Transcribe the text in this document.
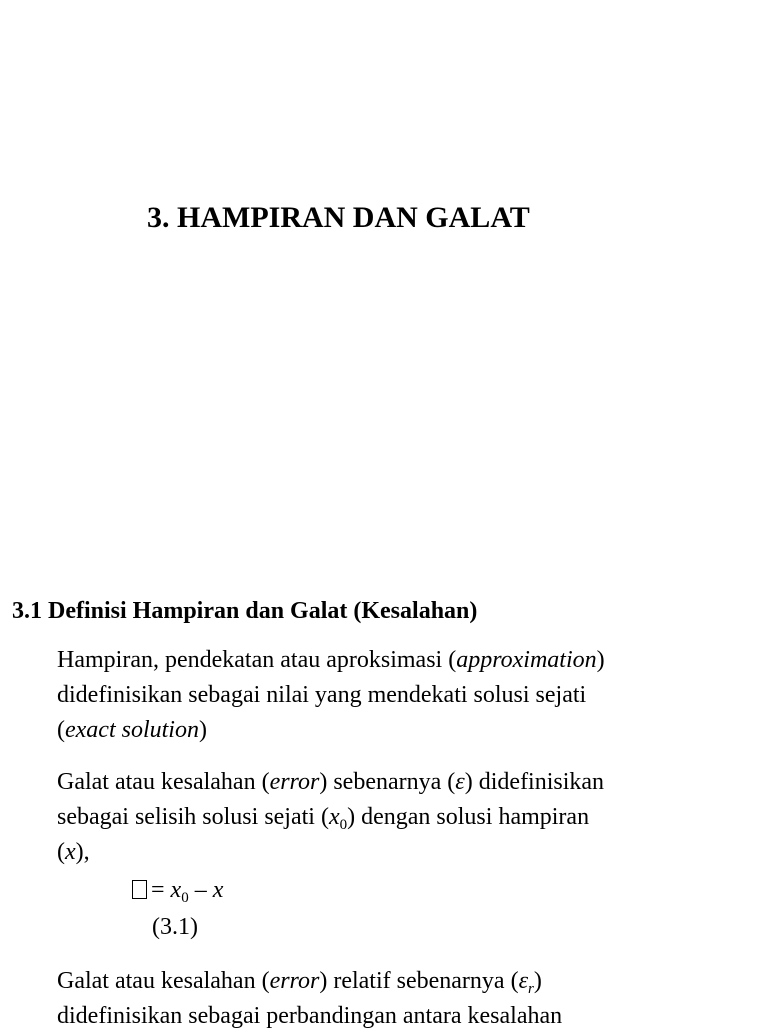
3. HAMPIRAN DAN GALAT
3.1 Definisi Hampiran dan Galat (Kesalahan)

Hampiran, pendekatan atau aproksimasi (approximation)
didefinisikan sebagai nilai yang mendekati solusi sejati
(exact solution)

Galat atau kesalahan (error) sebenarnya (ε) didefinisikan
sebagai selisih solusi sejati $(x_0)$ dengan solusi hampiran
(x),

= $x_0$ – x
(3.1)

Galat atau kesalahan (error) relatif sebenarnya $(\varepsilon_r)$
didefinisikan sebagai perbandingan antara kesalahan
